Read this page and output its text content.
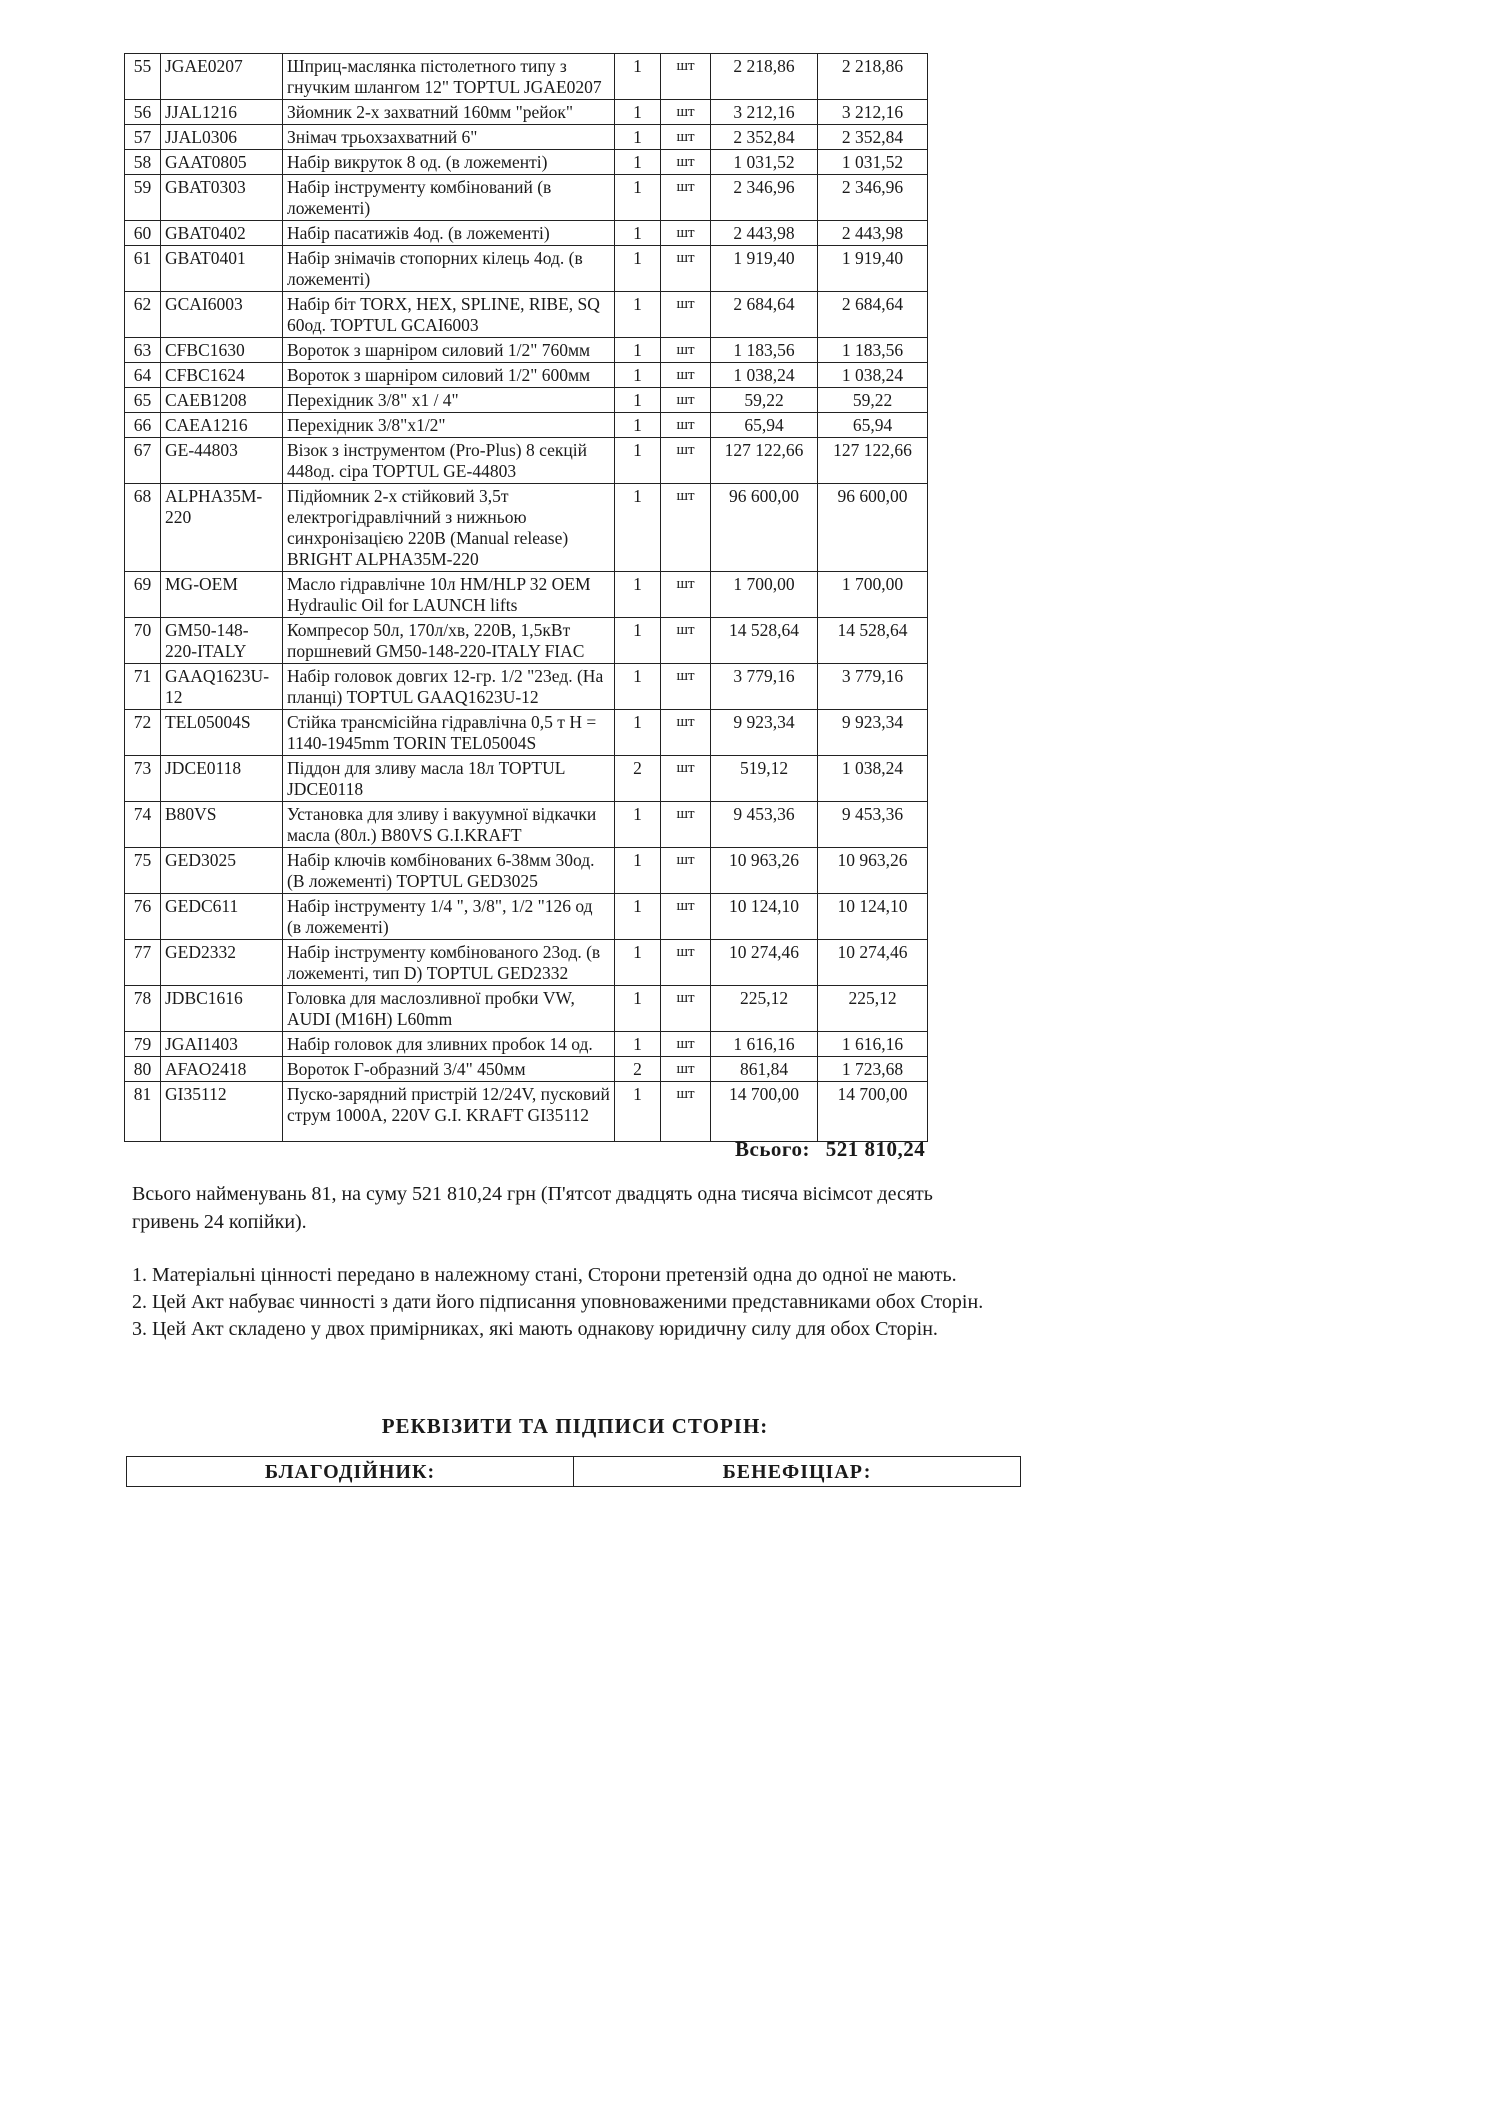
55	JGAE0207	Шприц-маслянка пістолетного типу з гнучким шлангом 12" TOPTUL JGAE0207	1	шт	2 218,86	2 218,86
56	JJAL1216	Зйомник 2-х захватний 160мм "рейок"	1	шт	3 212,16	3 212,16
57	JJAL0306	Знімач трьохзахватний 6"	1	шт	2 352,84	2 352,84
58	GAAT0805	Набір викруток 8 од. (в ложементі)	1	шт	1 031,52	1 031,52
59	GBAT0303	Набір інструменту комбінований (в ложементі)	1	шт	2 346,96	2 346,96
60	GBAT0402	Набір пасатижів 4од. (в ложементі)	1	шт	2 443,98	2 443,98
61	GBAT0401	Набір знімачів стопорних кілець 4од. (в ложементі)	1	шт	1 919,40	1 919,40
62	GCAI6003	Набір біт TORX, HEX, SPLINE, RIBE, SQ 60од. TOPTUL GCAI6003	1	шт	2 684,64	2 684,64
63	CFBC1630	Вороток з шарніром силовий 1/2" 760мм	1	шт	1 183,56	1 183,56
64	CFBC1624	Вороток з шарніром силовий 1/2" 600мм	1	шт	1 038,24	1 038,24
65	CAEB1208	Перехідник 3/8" x1 / 4"	1	шт	59,22	59,22
66	CAEA1216	Перехідник 3/8"x1/2"	1	шт	65,94	65,94
67	GE-44803	Візок з інструментом (Pro-Plus) 8 секцій 448од. сіра TOPTUL GE-44803	1	шт	127 122,66	127 122,66
68	ALPHA35M-220	Підйомник 2-х стійковий 3,5т електрогідравлічний з нижньою синхронізацією 220В (Manual release) BRIGHT ALPHA35M-220	1	шт	96 600,00	96 600,00
69	MG-OEM	Масло гідравлічне 10л HM/HLP 32 OEM Hydraulic Oil for LAUNCH lifts	1	шт	1 700,00	1 700,00
70	GM50-148-220-ITALY	Компресор 50л, 170л/хв, 220В, 1,5кВт поршневий GM50-148-220-ITALY FIAC	1	шт	14 528,64	14 528,64
71	GAAQ1623U-12	Набір головок довгих 12-гр. 1/2 "23ед. (На планці) TOPTUL GAAQ1623U-12	1	шт	3 779,16	3 779,16
72	TEL05004S	Стійка трансмісійна гідравлічна 0,5 т H = 1140-1945mm TORIN TEL05004S	1	шт	9 923,34	9 923,34
73	JDCE0118	Піддон для зливу масла 18л TOPTUL JDCE0118	2	шт	519,12	1 038,24
74	B80VS	Установка для зливу і вакуумної відкачки масла (80л.) B80VS G.I.KRAFT	1	шт	9 453,36	9 453,36
75	GED3025	Набір ключів комбінованих 6-38мм 30од. (В ложементі) TOPTUL GED3025	1	шт	10 963,26	10 963,26
76	GEDC611	Набір інструменту 1/4 ", 3/8", 1/2 "126 од (в ложементі)	1	шт	10 124,10	10 124,10
77	GED2332	Набір інструменту комбінованого 23од. (в ложементі, тип D) TOPTUL GED2332	1	шт	10 274,46	10 274,46
78	JDBC1616	Головка для маслозливної пробки VW, AUDI (M16H) L60mm	1	шт	225,12	225,12
79	JGAI1403	Набір головок для зливних пробок 14 од.	1	шт	1 616,16	1 616,16
80	AFAO2418	Вороток Г-образний 3/4" 450мм	2	шт	861,84	1 723,68
81	GI35112	Пуско-зарядний пристрій 12/24V, пусковий струм 1000A, 220V G.I. KRAFT GI35112	1	шт	14 700,00	14 700,00
Всього: 521 810,24
Всього найменувань 81, на суму 521 810,24 грн (П'ятсот двадцять одна тисяча вісімсот десять гривень 24 копійки).

1. Матеріальні цінності передано в належному стані, Сторони претензій одна до одної не мають.

2. Цей Акт набуває чинності з дати його підписання уповноваженими представниками обох Сторін.

3. Цей Акт складено у двох примірниках, які мають однакову юридичну силу для обох Сторін.

РЕКВІЗИТИ ТА ПІДПИСИ СТОРІН:
БЛАГОДІЙНИК:	БЕНЕФІЦІАР:
